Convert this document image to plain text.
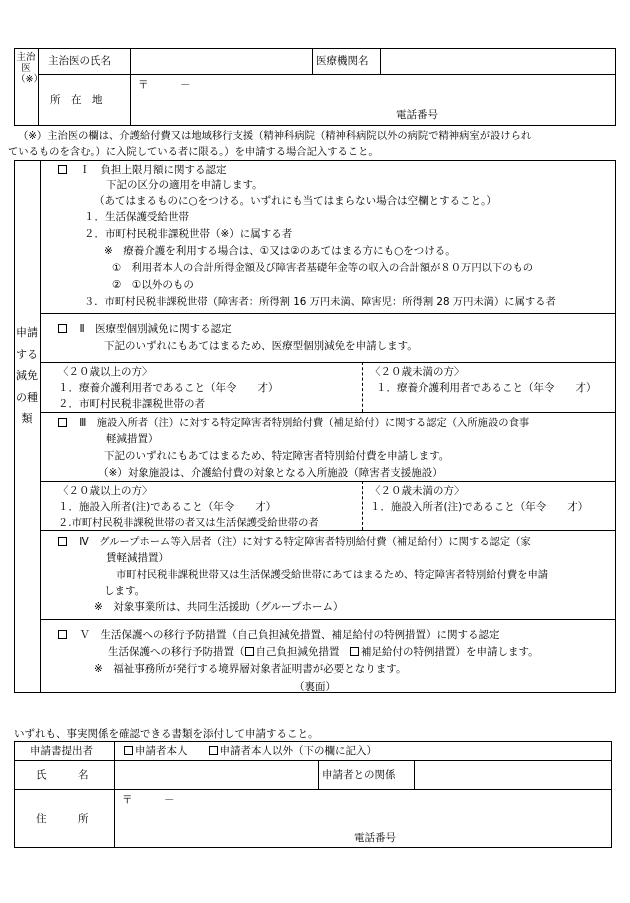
主治医（※）
主治医の氏名	医療機関名
所　在　地
〒　　　－
電話番号
（※）主治医の欄は、介護給付費又は地域移行支援（精神科病院（精神科病院以外の病院で精神病室が設けられ
ているものを含む。）に入院している者に限る。）を申請する場合記入すること。
申請する減免の種類
　Ｉ　負担上限月額に関する認定
下記の区分の適用を申請します。
（あてはまるものに○をつける。いずれにも当てはまらない場合は空欄とすること。）
１．生活保護受給世帯
２．市町村民税非課税世帯（※）に属する者
※　療養介護を利用する場合は、①又は②のあてはまる方にも○をつける。
①　利用者本人の合計所得金額及び障害者基礎年金等の収入の合計額が８０万円以下のもの
②　①以外のもの
３．市町村民税非課税世帯（障害者：所得割 16 万円未満、障害児：所得割 28 万円未満）に属する者
　Ⅱ　医療型個別減免に関する認定
下記のいずれにもあてはまるため、医療型個別減免を申請します。
〈２０歳以上の方〉
１．療養介護利用者であること（年令　　才）
２．市町村民税非課税世帯の者
〈２０歳未満の方〉
１．療養介護利用者であること（年令　　才）
　Ⅲ　施設入所者（注）に対する特定障害者特別給付費（補足給付）に関する認定（入所施設の食事
軽減措置）
下記のいずれにもあてはまるため、特定障害者特別給付費を申請します。
（※）対象施設は、介護給付費の対象となる入所施設（障害者支援施設）
〈２０歳以上の方〉
１．施設入所者(注)であること（年令　　才）
２.市町村民税非課税世帯の者又は生活保護受給世帯の者
〈２０歳未満の方〉
１．施設入所者(注)であること（年令　　才）
　Ⅳ　グループホーム等入居者（注）に対する特定障害者特別給付費（補足給付）に関する認定（家
賃軽減措置）
市町村民税非課税世帯又は生活保護受給世帯にあてはまるため、特定障害者特別給付費を申請
します。
※　対象事業所は、共同生活援助（グループホーム）
　Ｖ　生活保護への移行予防措置（自己負担減免措置、補足給付の特例措置）に関する認定
生活保護への移行予防措置（ 自己負担減免措置　 補足給付の特例措置）を申請します。
※　福祉事務所が発行する境界層対象者証明書が必要となります。
（裏面）
いずれも、事実関係を確認できる書類を添付して申請すること。
申請書提出者	申請者本人　　	申請者本人以外（下の欄に記入）
氏　　　名	申請者との関係
住　　　所
〒　　　－
電話番号
